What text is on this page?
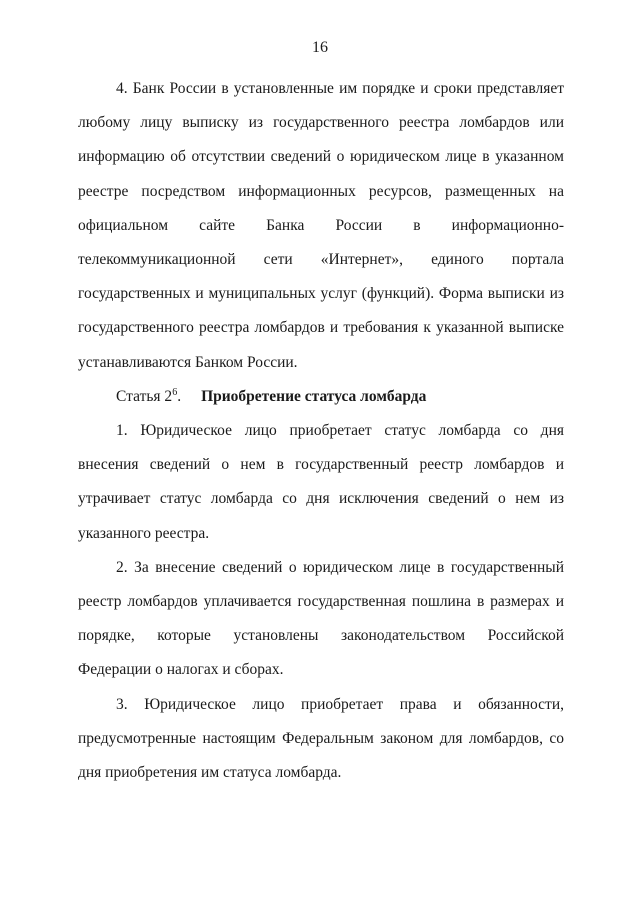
16

4. Банк России в установленные им порядке и сроки представляет любому лицу выписку из государственного реестра ломбардов или информацию об отсутствии сведений о юридическом лице в указанном реестре посредством информационных ресурсов, размещенных на официальном сайте Банка России в информационно-телекоммуникационной сети «Интернет», единого портала государственных и муниципальных услуг (функций). Форма выписки из государственного реестра ломбардов и требования к указанной выписке устанавливаются Банком России.

Статья $2^6$. Приобретение статуса ломбарда

1. Юридическое лицо приобретает статус ломбарда со дня внесения сведений о нем в государственный реестр ломбардов и утрачивает статус ломбарда со дня исключения сведений о нем из указанного реестра.

2. За внесение сведений о юридическом лице в государственный реестр ломбардов уплачивается государственная пошлина в размерах и порядке, которые установлены законодательством Российской Федерации о налогах и сборах.

3. Юридическое лицо приобретает права и обязанности, предусмотренные настоящим Федеральным законом для ломбардов, со дня приобретения им статуса ломбарда.
